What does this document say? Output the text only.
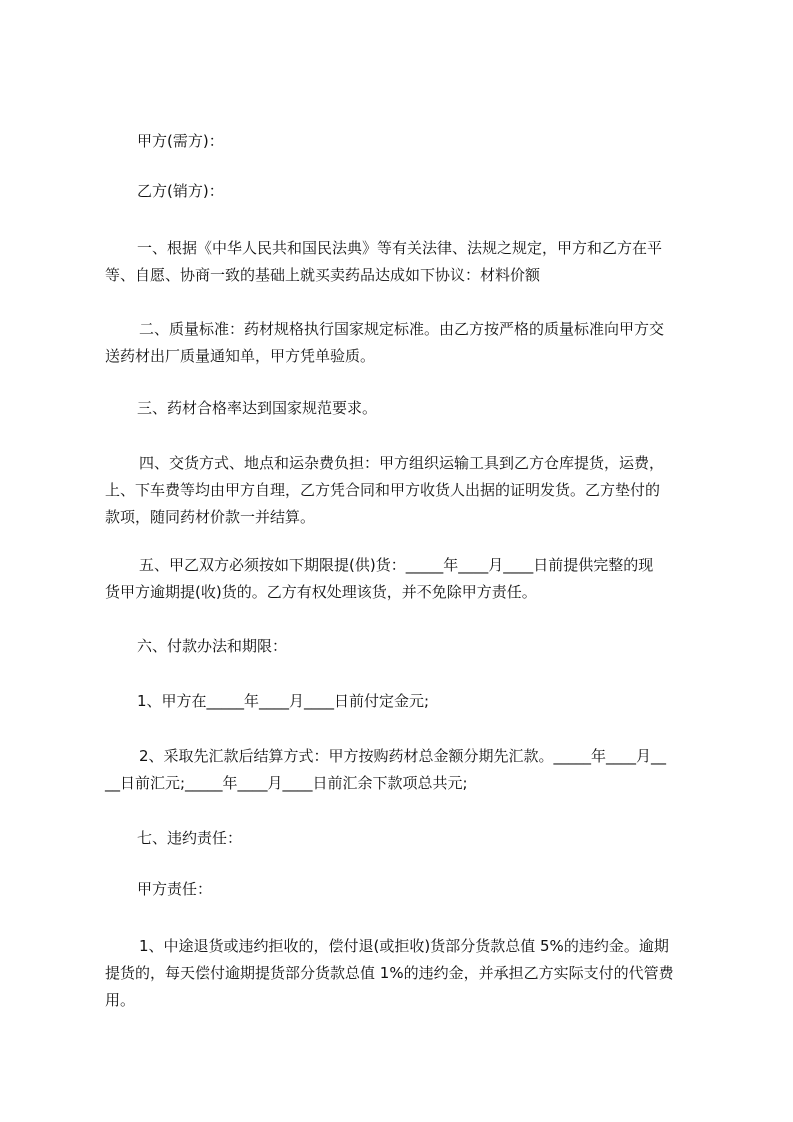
甲方(需方)：

乙方(销方)：

一、根据《中华人民共和国民法典》等有关法律、法规之规定，甲方和乙方在平
等、自愿、协商一致的基础上就买卖药品达成如下协议：材料价额

二、质量标准：药材规格执行国家规定标准。由乙方按严格的质量标准向甲方交
送药材出厂质量通知单，甲方凭单验质。

三、药材合格率达到国家规范要求。

四、交货方式、地点和运杂费负担：甲方组织运输工具到乙方仓库提货，运费，
上、下车费等均由甲方自理，乙方凭合同和甲方收货人出据的证明发货。乙方垫付的
款项，随同药材价款一并结算。

五、甲乙双方必须按如下期限提(供)货：_____年____月____日前提供完整的现
货甲方逾期提(收)货的。乙方有权处理该货，并不免除甲方责任。

六、付款办法和期限：

1、甲方在_____年____月____日前付定金元;

2、采取先汇款后结算方式：甲方按购药材总金额分期先汇款。_____年____月__
__日前汇元;_____年____月____日前汇余下款项总共元;

七、违约责任：

甲方责任：

1、中途退货或违约拒收的，偿付退(或拒收)货部分货款总值 5%的违约金。逾期
提货的，每天偿付逾期提货部分货款总值 1%的违约金，并承担乙方实际支付的代管费
用。
